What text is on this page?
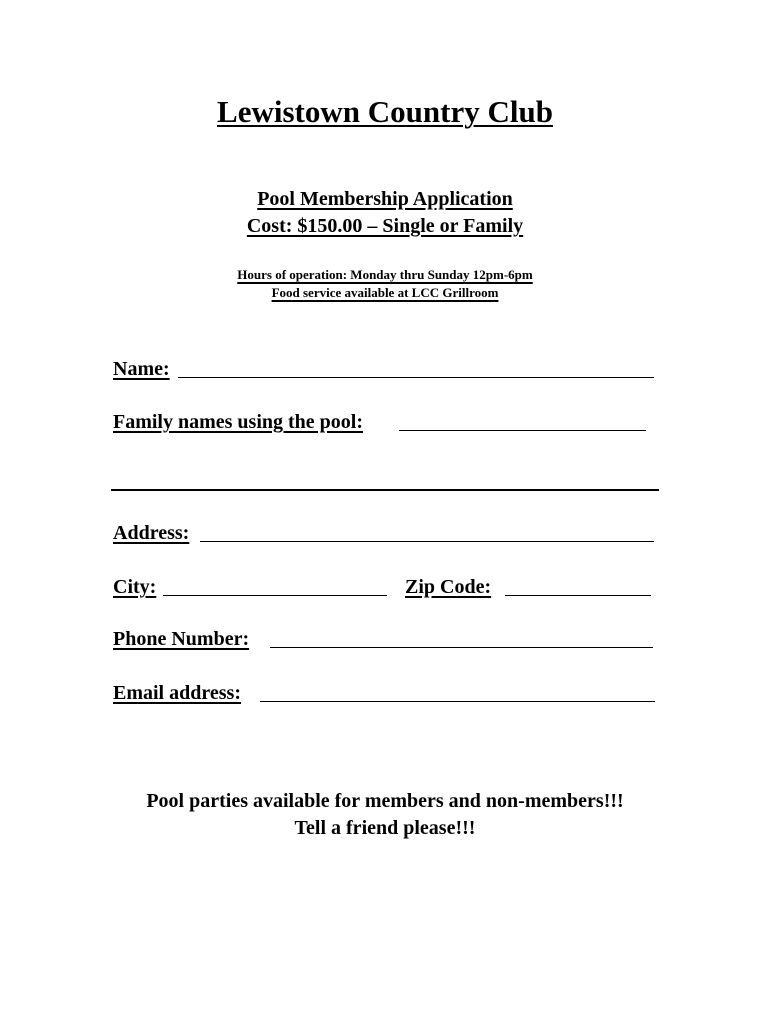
Lewistown Country Club
Pool Membership Application
Cost: $150.00 – Single or Family
Hours of operation: Monday thru Sunday 12pm-6pm
Food service available at LCC Grillroom
Name:
Family names using the pool:
Address:
City:	Zip Code:
Phone Number:
Email address:
Pool parties available for members and non-members!!!
Tell a friend please!!!
